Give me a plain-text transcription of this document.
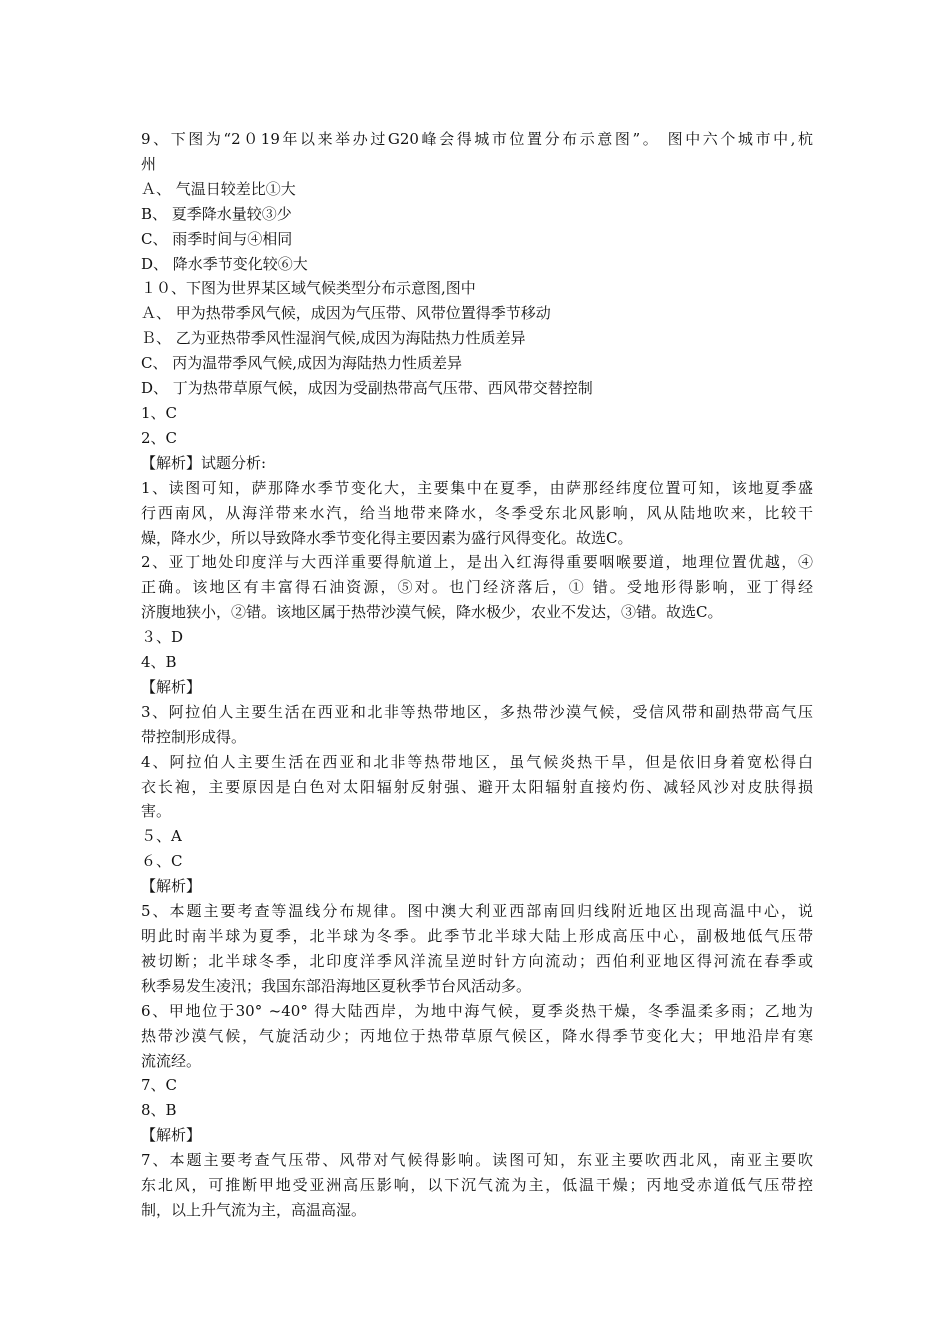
9、下图为“2０19年以来举办过G20峰会得城市位置分布示意图”。 图中六个城市中,杭
州

Ａ、 气温日较差比①大

B、 夏季降水量较③少

C、 雨季时间与④相同

D、 降水季节变化较⑥大

１０、下图为世界某区域气候类型分布示意图,图中

Ａ、 甲为热带季风气候，成因为气压带、风带位置得季节移动

Ｂ、 乙为亚热带季风性湿润气候,成因为海陆热力性质差异

C、 丙为温带季风气候,成因为海陆热力性质差异

D、 丁为热带草原气候，成因为受副热带高气压带、西风带交替控制

1、C

2、C

【解析】试题分析:

1、读图可知，萨那降水季节变化大，主要集中在夏季，由萨那经纬度位置可知，该地夏季盛
行西南风，从海洋带来水汽，给当地带来降水，冬季受东北风影响，风从陆地吹来，比较干
燥，降水少，所以导致降水季节变化得主要因素为盛行风得变化。故选C。
2、亚丁地处印度洋与大西洋重要得航道上，是出入红海得重要咽喉要道，地理位置优越，④
正确。该地区有丰富得石油资源，⑤对。也门经济落后，① 错。受地形得影响，亚丁得经
济腹地狭小，②错。该地区属于热带沙漠气候，降水极少，农业不发达，③错。故选C。

３、D

4、B

【解析】

3、阿拉伯人主要生活在西亚和北非等热带地区，多热带沙漠气候，受信风带和副热带高气压
带控制形成得。
4、阿拉伯人主要生活在西亚和北非等热带地区，虽气候炎热干旱，但是依旧身着宽松得白
衣长袍，主要原因是白色对太阳辐射反射强、避开太阳辐射直接灼伤、减轻风沙对皮肤得损
害。

５、A

６、C

【解析】

5、本题主要考查等温线分布规律。图中澳大利亚西部南回归线附近地区出现高温中心，说
明此时南半球为夏季，北半球为冬季。此季节北半球大陆上形成高压中心，副极地低气压带
被切断；北半球冬季，北印度洋季风洋流呈逆时针方向流动；西伯利亚地区得河流在春季或
秋季易发生凌汛；我国东部沿海地区夏秋季节台风活动多。
6、甲地位于30° ~40° 得大陆西岸，为地中海气候，夏季炎热干燥，冬季温柔多雨；乙地为
热带沙漠气候，气旋活动少；丙地位于热带草原气候区，降水得季节变化大；甲地沿岸有寒
流流经。

7、C

8、B

【解析】

7、本题主要考查气压带、风带对气候得影响。读图可知，东亚主要吹西北风，南亚主要吹
东北风，可推断甲地受亚洲高压影响，以下沉气流为主，低温干燥；丙地受赤道低气压带控
制，以上升气流为主，高温高湿。
